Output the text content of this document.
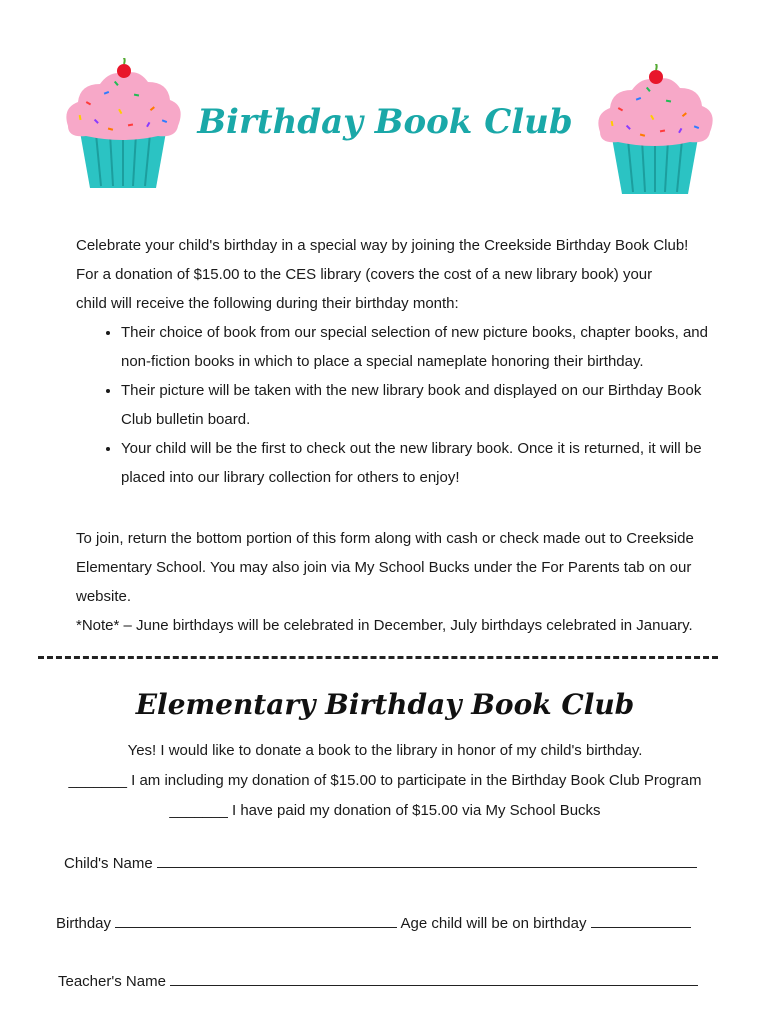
Birthday Book Club

Celebrate your child's birthday in a special way by joining the Creekside Birthday Book Club!

For a donation of $15.00 to the CES library (covers the cost of a new library book) your

child will receive the following during their birthday month:

• Their choice of book from our special selection of new picture books, chapter books, and non-fiction books in which to place a special nameplate honoring their birthday.
• Their picture will be taken with the new library book and displayed on our Birthday Book Club bulletin board.
• Your child will be the first to check out the new library book. Once it is returned, it will be placed into our library collection for others to enjoy!

To join, return the bottom portion of this form along with cash or check made out to Creekside Elementary School. You may also join via My School Bucks under the For Parents tab on our website.

*Note* – June birthdays will be celebrated in December, July birthdays celebrated in January.

Elementary Birthday Book Club

Yes! I would like to donate a book to the library in honor of my child's birthday.

_______ I am including my donation of $15.00 to participate in the Birthday Book Club Program

_______ I have paid my donation of $15.00 via My School Bucks

Child's Name
Birthday	Age child will be on birthday
Teacher's Name
